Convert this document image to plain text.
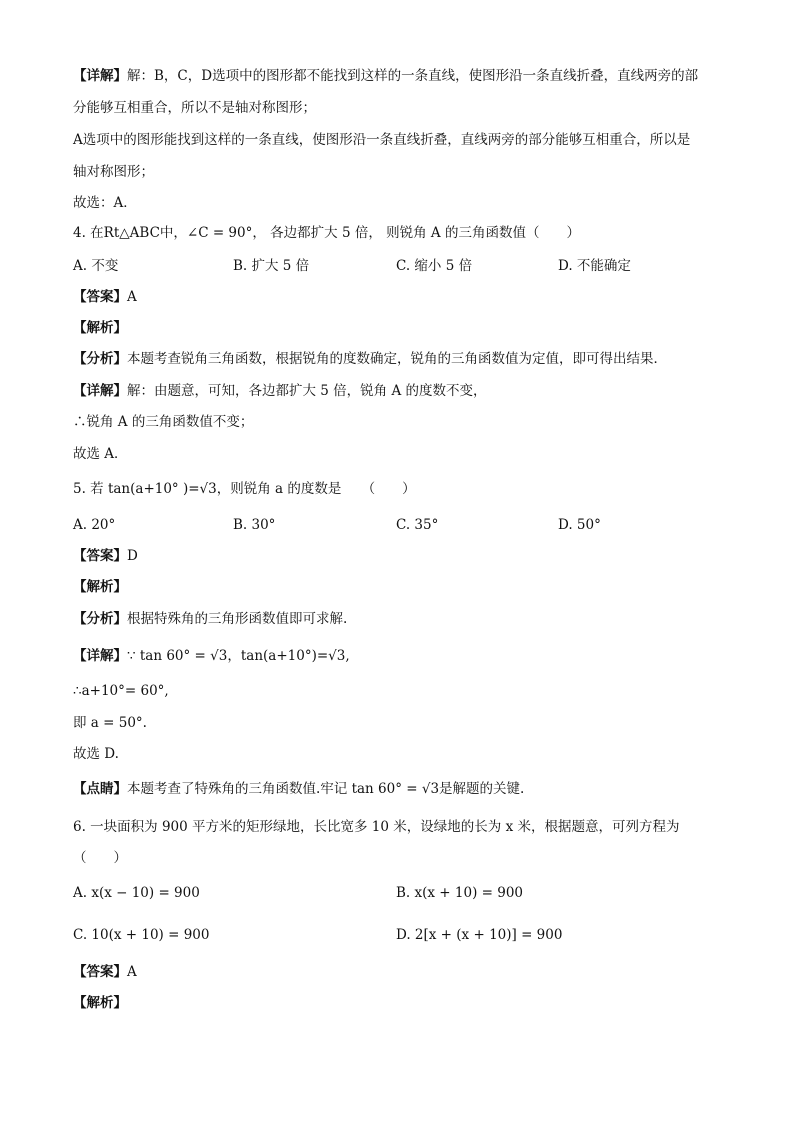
【详解】解：B，C，D选项中的图形都不能找到这样的一条直线，使图形沿一条直线折叠，直线两旁的部
分能够互相重合，所以不是轴对称图形；
A选项中的图形能找到这样的一条直线，使图形沿一条直线折叠，直线两旁的部分能够互相重合，所以是
轴对称图形；
故选：A．
4. 在Rt△ABC中，∠C = 90°， 各边都扩大 5 倍， 则锐角 A 的三角函数值（　　）
A. 不变	B. 扩大 5 倍	C. 缩小 5 倍	D. 不能确定
【答案】A
【解析】
【分析】本题考查锐角三角函数，根据锐角的度数确定，锐角的三角函数值为定值，即可得出结果．
【详解】解：由题意，可知，各边都扩大 5 倍，锐角 A 的度数不变，
∴锐角 A 的三角函数值不变；
故选 A．
5. 若 tan(a+10° )=√3，则锐角 a 的度数是　　（　　）
A. 20°	B. 30°	C. 35°	D. 50°
【答案】D
【解析】
【分析】根据特殊角的三角形函数值即可求解.
【详解】∵ tan 60° = √3，tan(a+10°)=√3,
∴a+10°= 60°,
即 a = 50°.
故选 D.
【点睛】本题考查了特殊角的三角函数值.牢记 tan 60° = √3是解题的关键.
6. 一块面积为 900 平方米的矩形绿地，长比宽多 10 米，设绿地的长为 x 米，根据题意，可列方程为
（　　）
A. x(x − 10) = 900	B. x(x + 10) = 900
C. 10(x + 10) = 900	D. 2[x + (x + 10)] = 900
【答案】A
【解析】
